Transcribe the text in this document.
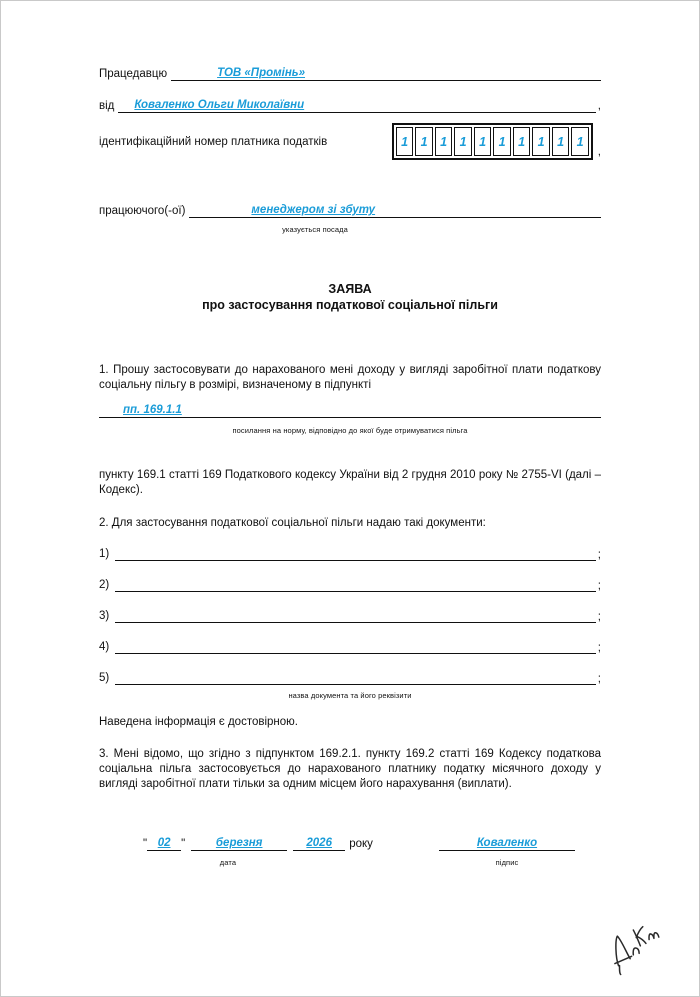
Працедавцю	ТОВ «Промінь»
від	Коваленко Ольги Миколаївни	,
ідентифікаційний номер платника податків	1	1	1	1	1	1	1	1	1	1
,
працюючого(-ої)	менеджером зі збуту
указується посада
ЗАЯВА
про застосування податкової соціальної пільги
1. Прошу застосовувати до нарахованого мені доходу у вигляді заробітної плати податкову соціальну пільгу в розмірі, визначеному в підпункті
пп. 169.1.1
посилання на норму, відповідно до якої буде отримуватися пільга
пункту 169.1 статті 169 Податкового кодексу України від 2 грудня 2010 року № 2755-VI (далі – Кодекс).
2. Для застосування податкової соціальної пільги надаю такі документи:
1)	;
2)	;
3)	;
4)	;
5)	;
назва документа та його реквізити
Наведена інформація є достовірною.
3. Мені відомо, що згідно з підпунктом 169.2.1. пункту 169.2 статті 169 Кодексу податкова соціальна пільга застосовується до нарахованого платнику податку місячного доходу у вигляді заробітної плати тільки за одним місцем його нарахування (виплати).
" 02 "	березня	2026 року
дата
Коваленко
підпис
